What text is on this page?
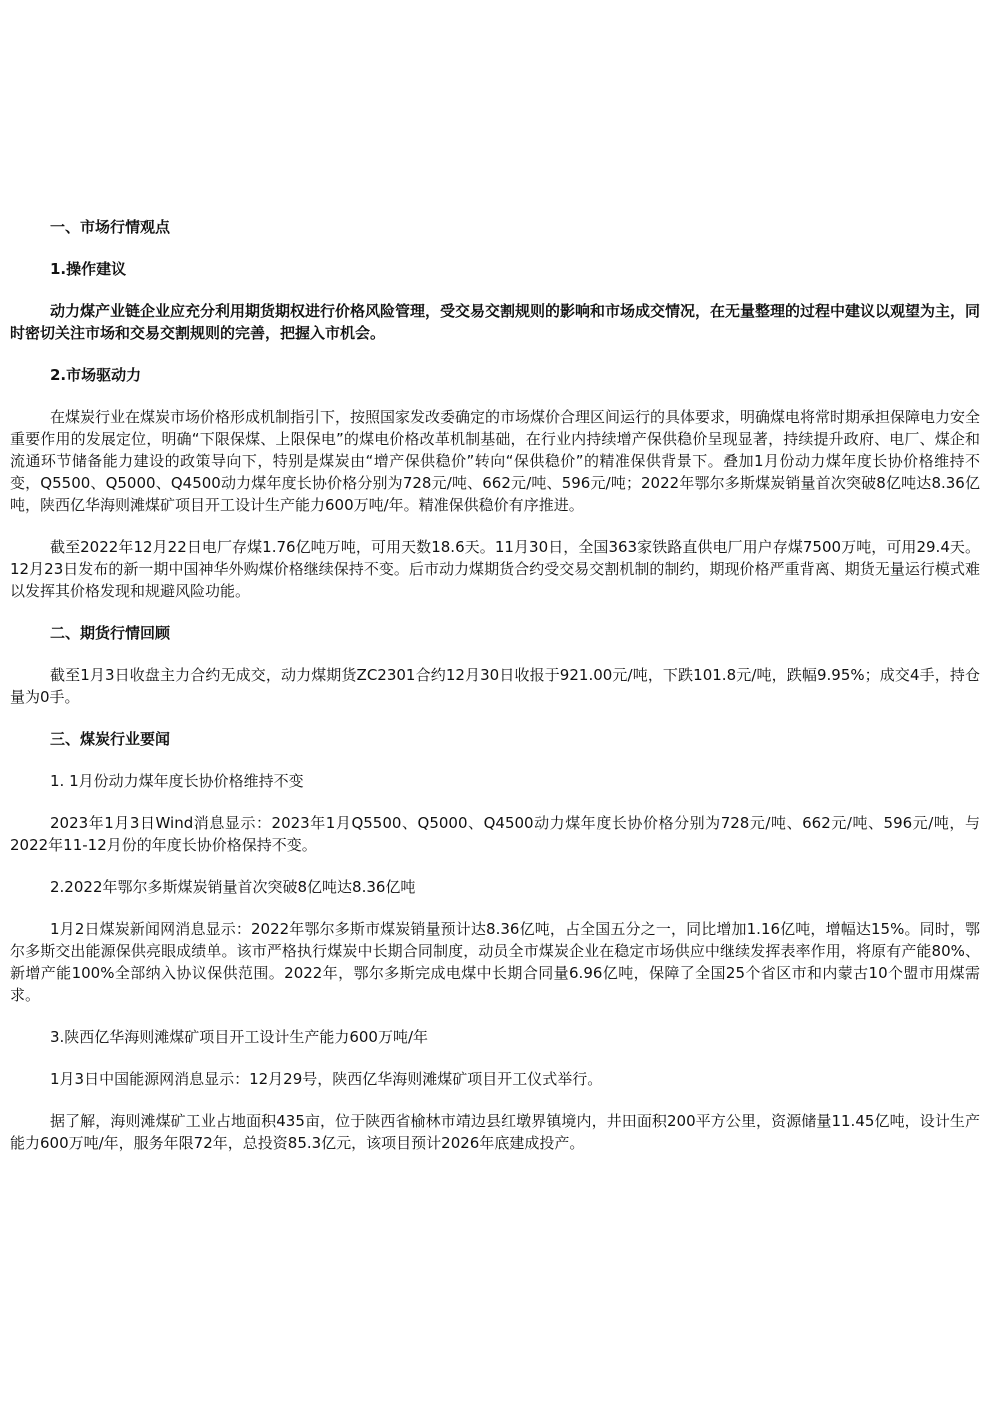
一、市场行情观点
1.操作建议
动力煤产业链企业应充分利用期货期权进行价格风险管理，受交易交割规则的影响和市场成交情况，在无量整理的过程中建议以观望为主，同时密切关注市场和交易交割规则的完善，把握入市机会。
2.市场驱动力
在煤炭行业在煤炭市场价格形成机制指引下，按照国家发改委确定的市场煤价合理区间运行的具体要求，明确煤电将常时期承担保障电力安全重要作用的发展定位，明确“下限保煤、上限保电”的煤电价格改革机制基础，在行业内持续增产保供稳价呈现显著，持续提升政府、电厂、煤企和流通环节储备能力建设的政策导向下，特别是煤炭由“增产保供稳价”转向“保供稳价”的精准保供背景下。叠加1月份动力煤年度长协价格维持不变，Q5500、Q5000、Q4500动力煤年度长协价格分别为728元/吨、662元/吨、596元/吨；2022年鄂尔多斯煤炭销量首次突破8亿吨达8.36亿吨，陕西亿华海则滩煤矿项目开工设计生产能力600万吨/年。精准保供稳价有序推进。
截至2022年12月22日电厂存煤1.76亿吨万吨，可用天数18.6天。11月30日，全国363家铁路直供电厂用户存煤7500万吨，可用29.4天。12月23日发布的新一期中国神华外购煤价格继续保持不变。后市动力煤期货合约受交易交割机制的制约，期现价格严重背离、期货无量运行模式难以发挥其价格发现和规避风险功能。
二、期货行情回顾
截至1月3日收盘主力合约无成交，动力煤期货ZC2301合约12月30日收报于921.00元/吨，下跌101.8元/吨，跌幅9.95%；成交4手，持仓量为0手。
三、煤炭行业要闻
1. 1月份动力煤年度长协价格维持不变
2023年1月3日Wind消息显示：2023年1月Q5500、Q5000、Q4500动力煤年度长协价格分别为728元/吨、662元/吨、596元/吨，与2022年11-12月份的年度长协价格保持不变。
2.2022年鄂尔多斯煤炭销量首次突破8亿吨达8.36亿吨
1月2日煤炭新闻网消息显示：2022年鄂尔多斯市煤炭销量预计达8.36亿吨，占全国五分之一，同比增加1.16亿吨，增幅达15%。同时，鄂尔多斯交出能源保供亮眼成绩单。该市严格执行煤炭中长期合同制度，动员全市煤炭企业在稳定市场供应中继续发挥表率作用，将原有产能80%、新增产能100%全部纳入协议保供范围。2022年，鄂尔多斯完成电煤中长期合同量6.96亿吨，保障了全国25个省区市和内蒙古10个盟市用煤需求。
3.陕西亿华海则滩煤矿项目开工设计生产能力600万吨/年
1月3日中国能源网消息显示：12月29号，陕西亿华海则滩煤矿项目开工仪式举行。
据了解，海则滩煤矿工业占地面积435亩，位于陕西省榆林市靖边县红墩界镇境内，井田面积200平方公里，资源储量11.45亿吨，设计生产能力600万吨/年，服务年限72年，总投资85.3亿元，该项目预计2026年底建成投产。
